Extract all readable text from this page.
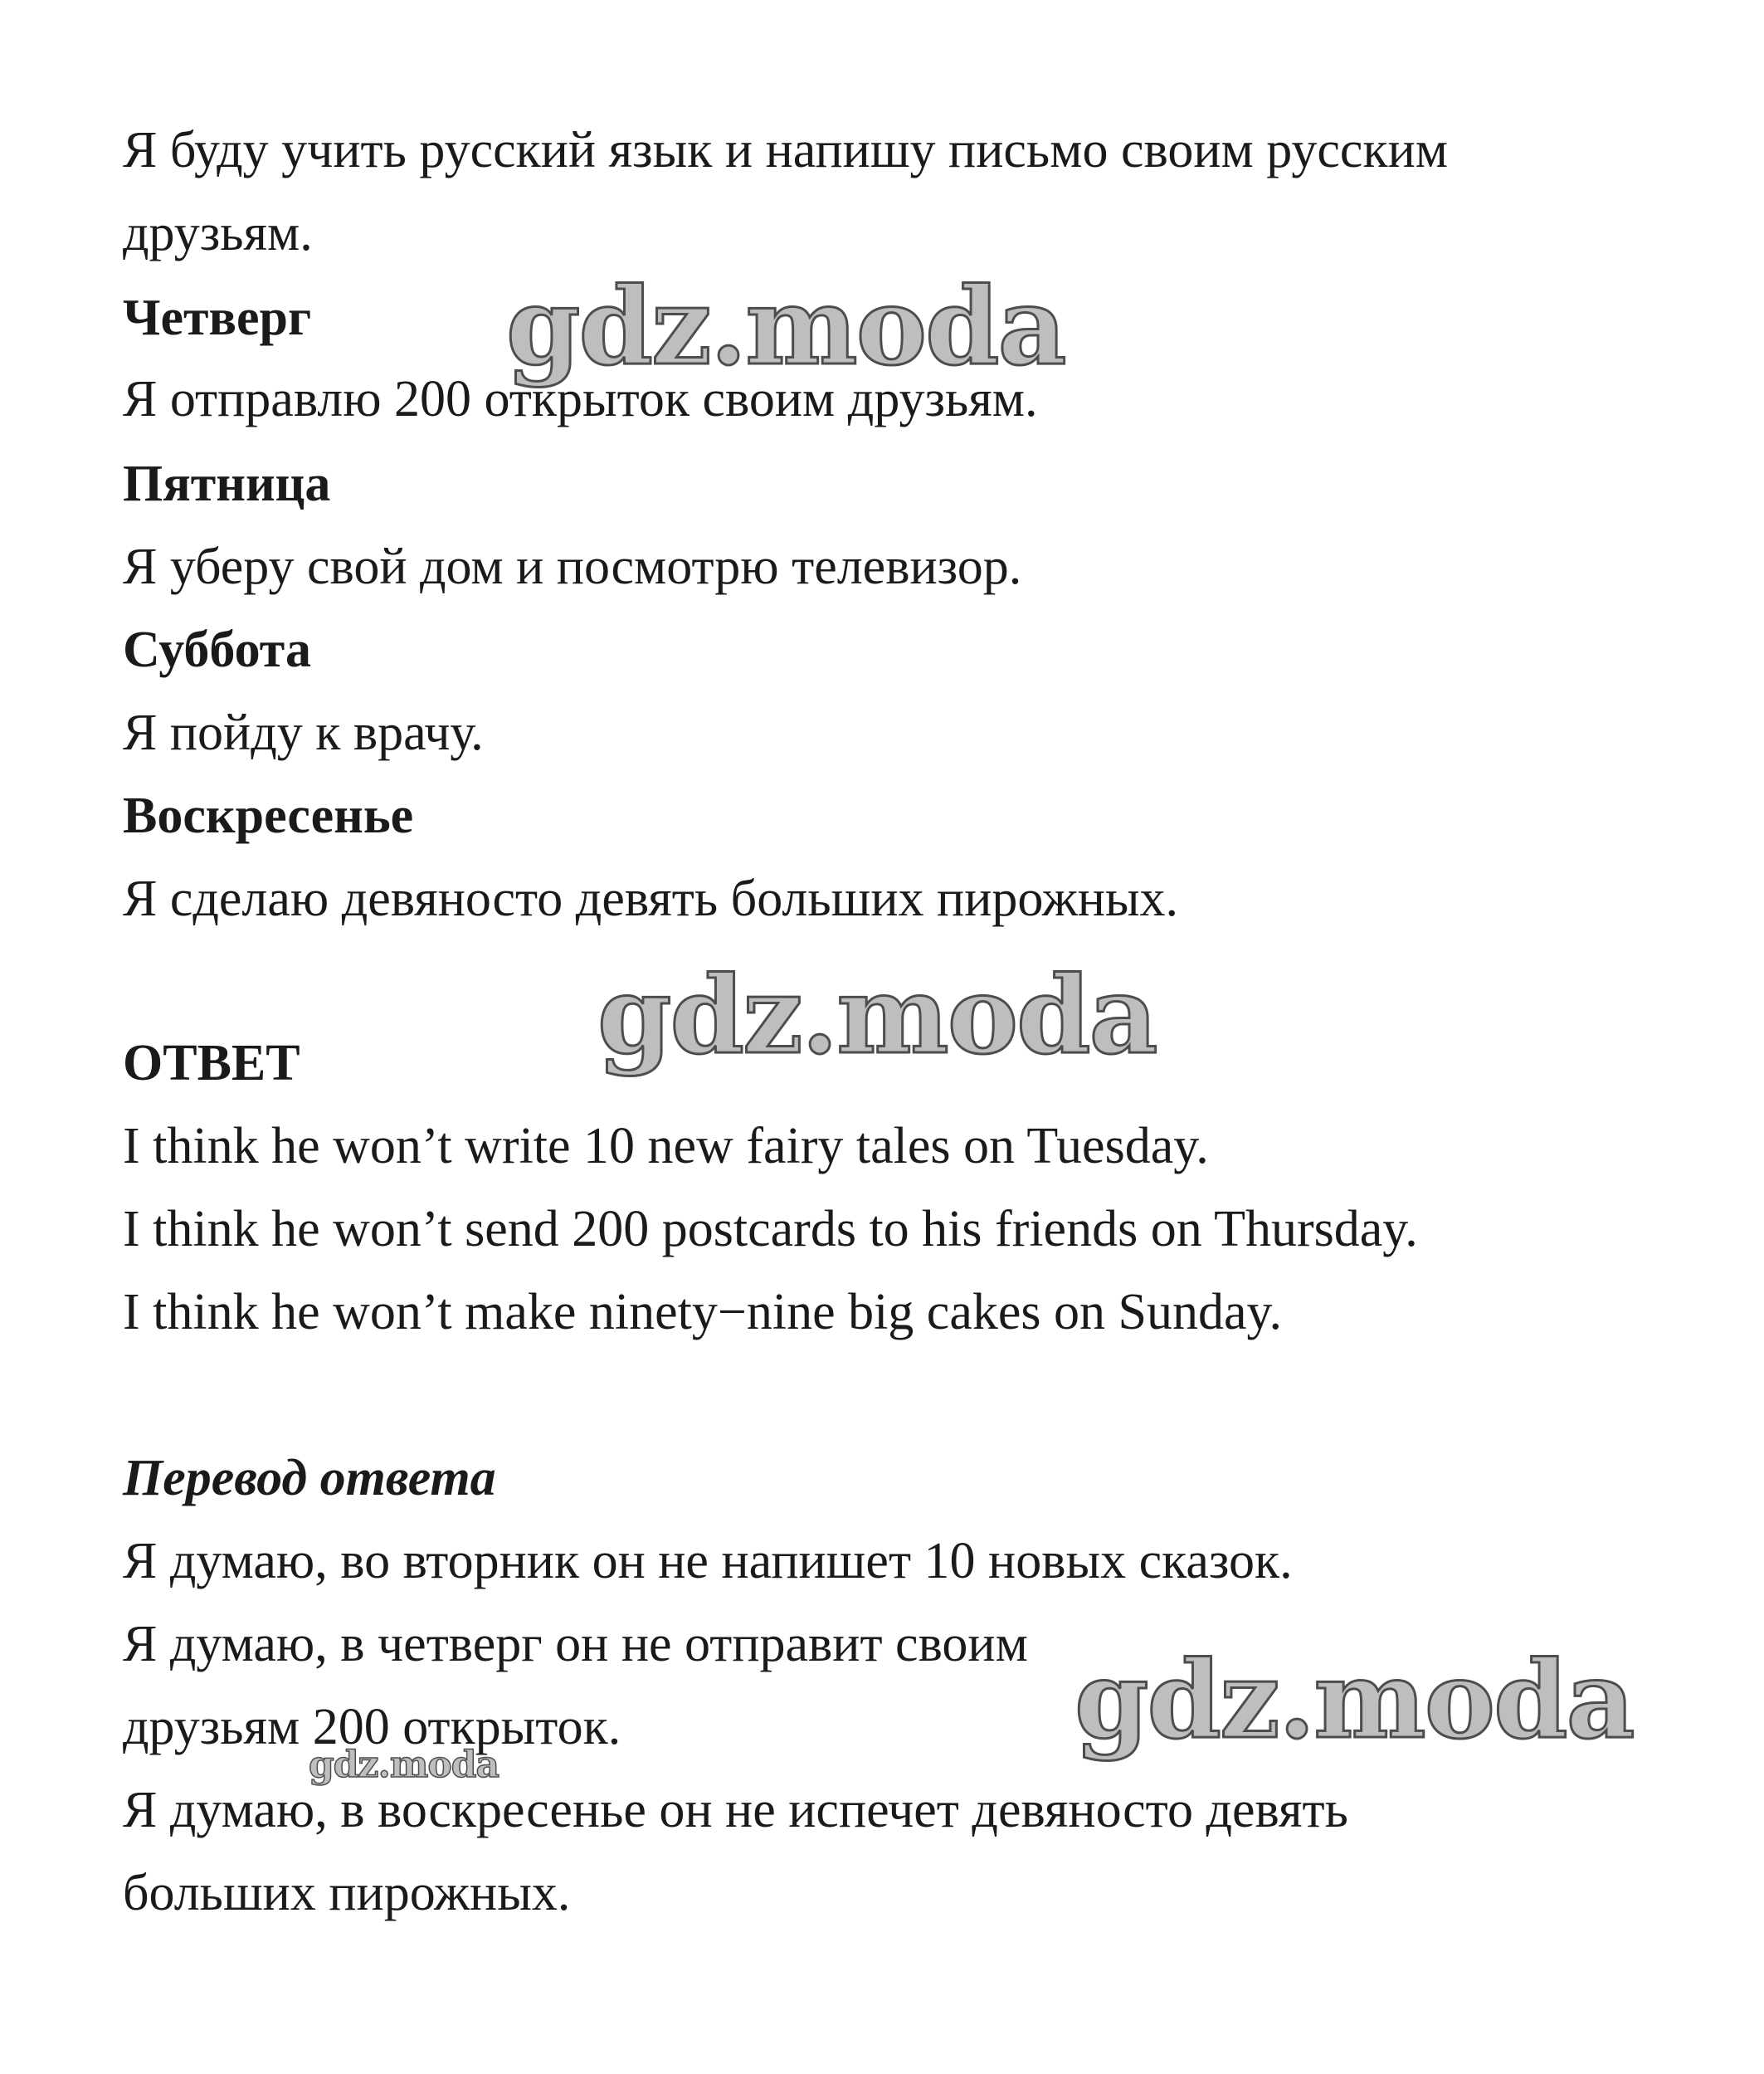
Я буду учить русский язык и напишу письмо своим русским
друзьям.
Четверг
Я отправлю 200 открыток своим друзьям.
Пятница
Я уберу свой дом и посмотрю телевизор.
Суббота
Я пойду к врачу.
Воскресенье
Я сделаю девяносто девять больших пирожных.
ОТВЕТ
I think he won’t write 10 new fairy tales on Tuesday.
I think he won’t send 200 postcards to his friends on Thursday.
I think he won’t make ninety−nine big cakes on Sunday.
Перевод ответа
Я думаю, во вторник он не напишет 10 новых сказок.
Я думаю, в четверг он не отправит своим
друзьям 200 открыток.
Я думаю, в воскресенье он не испечет девяносто девять
больших пирожных.
gdz.moda
gdz.moda
gdz.moda
gdz.moda
